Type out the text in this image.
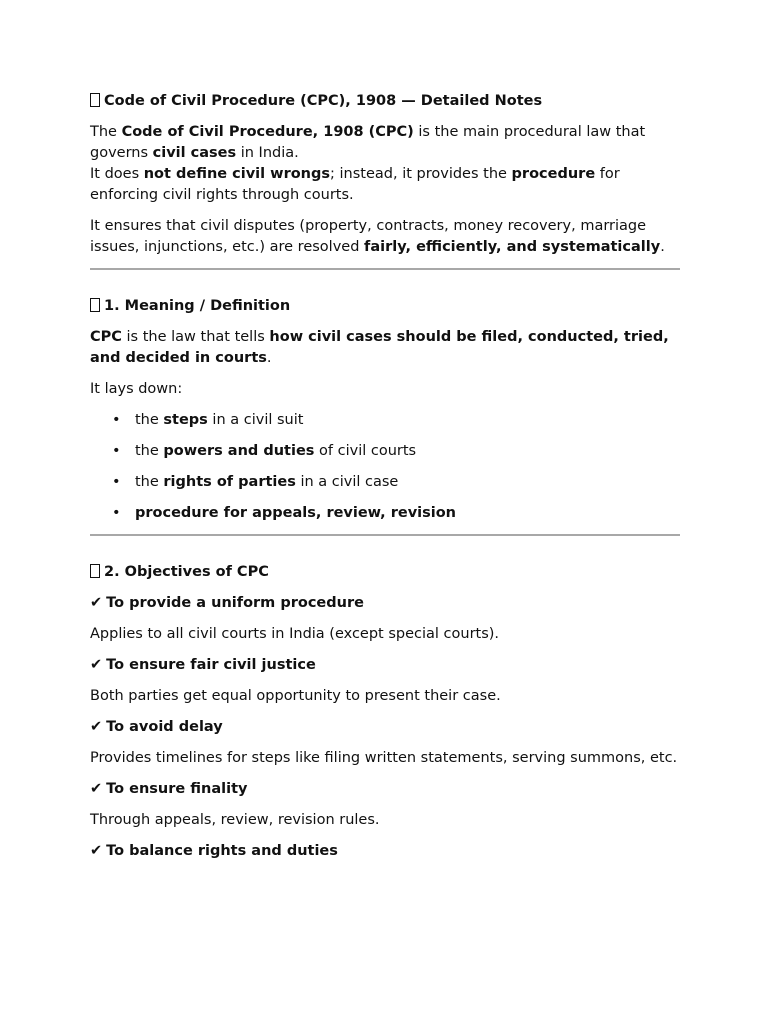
Code of Civil Procedure (CPC), 1908 — Detailed Notes

The Code of Civil Procedure, 1908 (CPC) is the main procedural law that governs civil cases in India.

It does not define civil wrongs; instead, it provides the procedure for enforcing civil rights through courts.

It ensures that civil disputes (property, contracts, money recovery, marriage issues, injunctions, etc.) are resolved fairly, efficiently, and systematically.

1. Meaning / Definition

CPC is the law that tells how civil cases should be filed, conducted, tried, and decided in courts.

It lays down:

• the steps in a civil suit
• the powers and duties of civil courts
• the rights of parties in a civil case
• procedure for appeals, review, revision
2. Objectives of CPC
✔ To provide a uniform procedure

Applies to all civil courts in India (except special courts).

✔ To ensure fair civil justice

Both parties get equal opportunity to present their case.

✔ To avoid delay

Provides timelines for steps like filing written statements, serving summons, etc.

✔ To ensure finality

Through appeals, review, revision rules.

✔ To balance rights and duties
